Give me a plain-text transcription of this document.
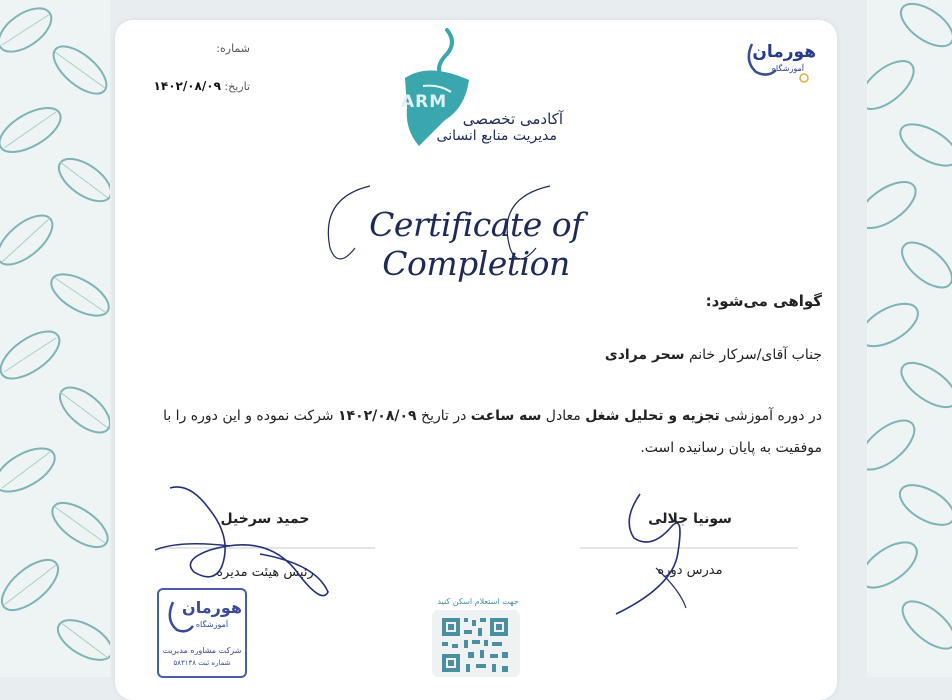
شماره:
تاریخ: ۱۴۰۲/۰۸/۰۹
هورمان
آموزشگاه
ARM
آکادمی تخصصی
مدیریت منابع انسانی
Certificate of Completion
گواهی می‌شود:
جناب آقای/سرکار خانم سحر مرادی
در دوره آموزشی تجزیه و تحلیل شغل معادل سه ساعت در تاریخ ۱۴۰۲/۰۸/۰۹ شرکت نموده و این دوره را با موفقیت به پایان رسانیده است.
حمید سرخیل
رئیس هیئت مدیره
سونیا جلالی
مدرس دوره
هورمان
آموزشگاه
شرکت مشاوره مدیریت
شماره ثبت ۵۸۳۱۴۸
جهت استعلام اسکن کنید
